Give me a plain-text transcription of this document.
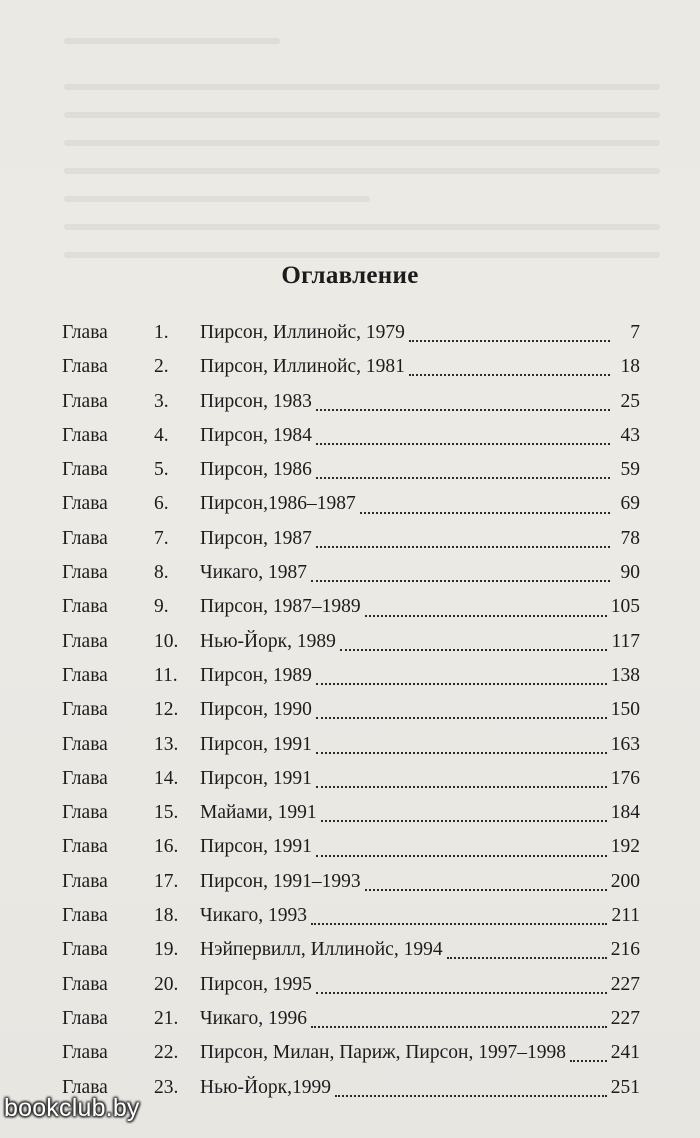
Оглавление
Глава	1.	Пирсон, Иллинойс, 1979	7
Глава	2.	Пирсон, Иллинойс, 1981	18
Глава	3.	Пирсон, 1983	25
Глава	4.	Пирсон, 1984	43
Глава	5.	Пирсон, 1986	59
Глава	6.	Пирсон,1986–1987	69
Глава	7.	Пирсон, 1987	78
Глава	8.	Чикаго, 1987	90
Глава	9.	Пирсон, 1987–1989	105
Глава	10.	Нью-Йорк, 1989	117
Глава	11.	Пирсон, 1989	138
Глава	12.	Пирсон, 1990	150
Глава	13.	Пирсон, 1991	163
Глава	14.	Пирсон, 1991	176
Глава	15.	Майами, 1991	184
Глава	16.	Пирсон, 1991	192
Глава	17.	Пирсон, 1991–1993	200
Глава	18.	Чикаго, 1993	211
Глава	19.	Нэйпервилл, Иллинойс, 1994	216
Глава	20.	Пирсон, 1995	227
Глава	21.	Чикаго, 1996	227
Глава	22.	Пирсон, Милан, Париж, Пирсон, 1997–1998 241
Глава	23.	Нью-Йорк,1999	251
bookclub.by
